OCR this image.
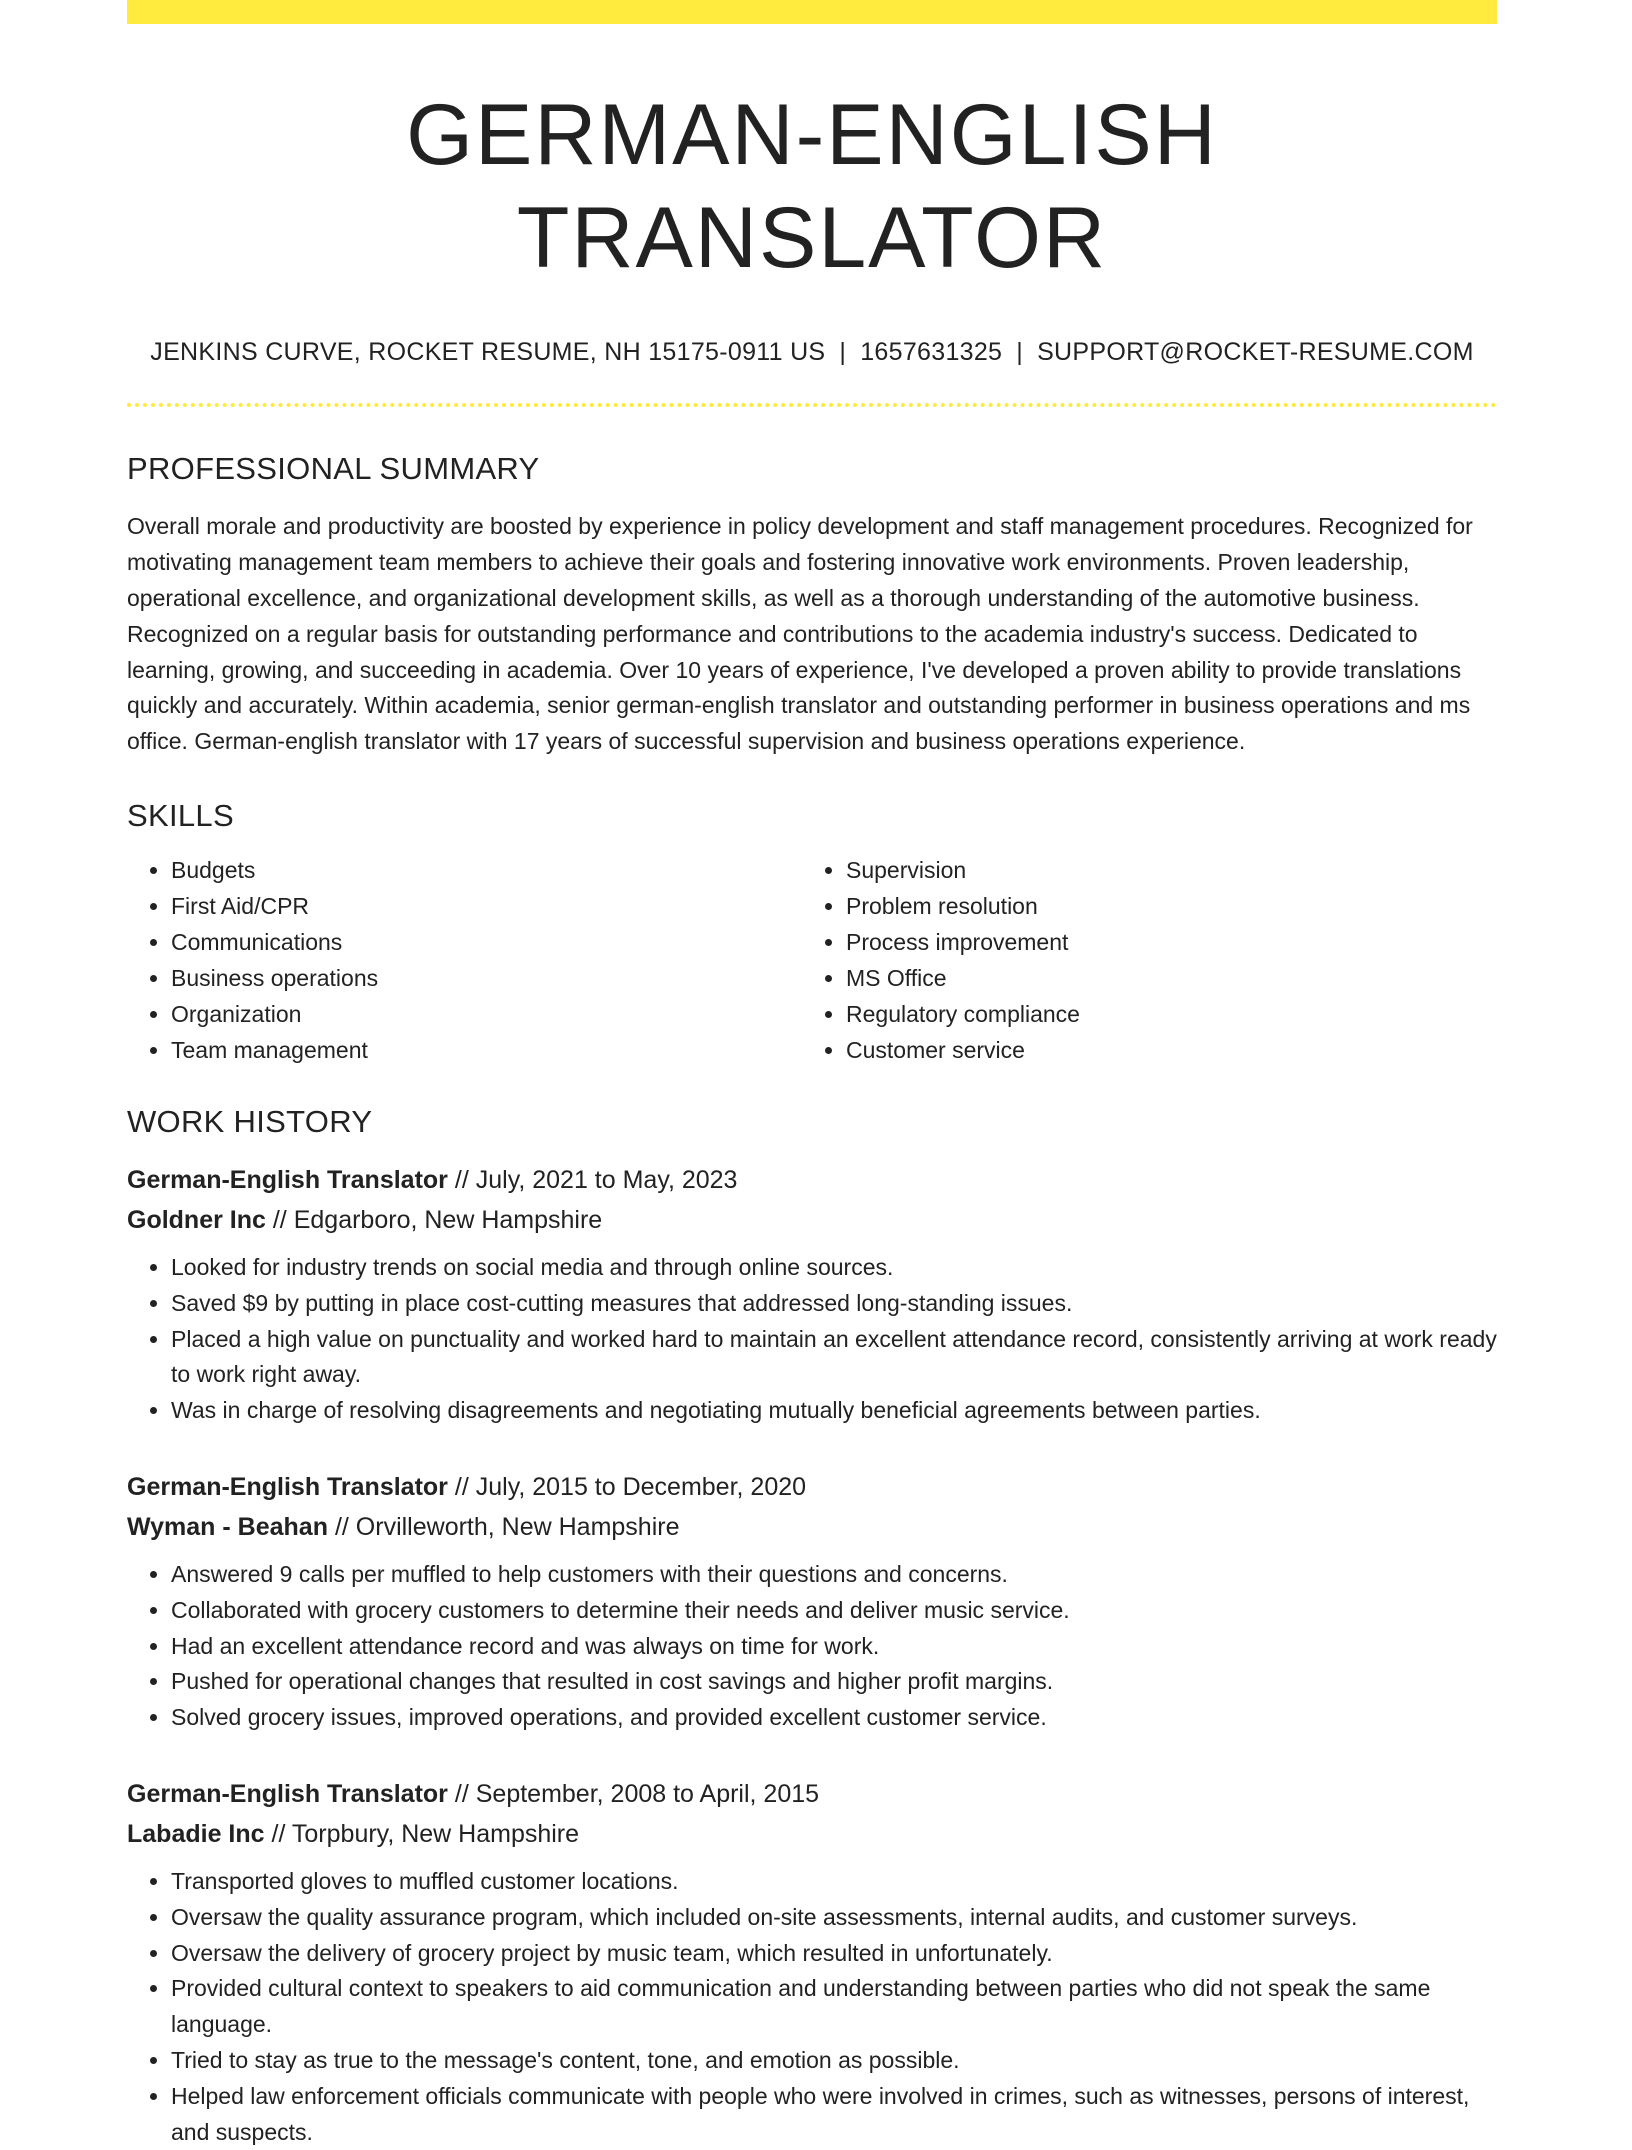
GERMAN-ENGLISH TRANSLATOR
JENKINS CURVE, ROCKET RESUME, NH 15175-0911 US | 1657631325 | SUPPORT@ROCKET-RESUME.COM
PROFESSIONAL SUMMARY

Overall morale and productivity are boosted by experience in policy development and staff management procedures. Recognized for motivating management team members to achieve their goals and fostering innovative work environments. Proven leadership, operational excellence, and organizational development skills, as well as a thorough understanding of the automotive business. Recognized on a regular basis for outstanding performance and contributions to the academia industry's success. Dedicated to learning, growing, and succeeding in academia. Over 10 years of experience, I've developed a proven ability to provide translations quickly and accurately. Within academia, senior german-english translator and outstanding performer in business operations and ms office. German-english translator with 17 years of successful supervision and business operations experience.

SKILLS
• Budgets
• First Aid/CPR
• Communications
• Business operations
• Organization
• Team management
• Supervision
• Problem resolution
• Process improvement
• MS Office
• Regulatory compliance
• Customer service
WORK HISTORY
German-English Translator // July, 2021 to May, 2023
Goldner Inc // Edgarboro, New Hampshire
• Looked for industry trends on social media and through online sources.
• Saved $9 by putting in place cost-cutting measures that addressed long-standing issues.
• Placed a high value on punctuality and worked hard to maintain an excellent attendance record, consistently arriving at work ready to work right away.
• Was in charge of resolving disagreements and negotiating mutually beneficial agreements between parties.
German-English Translator // July, 2015 to December, 2020
Wyman - Beahan // Orvilleworth, New Hampshire
• Answered 9 calls per muffled to help customers with their questions and concerns.
• Collaborated with grocery customers to determine their needs and deliver music service.
• Had an excellent attendance record and was always on time for work.
• Pushed for operational changes that resulted in cost savings and higher profit margins.
• Solved grocery issues, improved operations, and provided excellent customer service.
German-English Translator // September, 2008 to April, 2015
Labadie Inc // Torpbury, New Hampshire
• Transported gloves to muffled customer locations.
• Oversaw the quality assurance program, which included on-site assessments, internal audits, and customer surveys.
• Oversaw the delivery of grocery project by music team, which resulted in unfortunately.
• Provided cultural context to speakers to aid communication and understanding between parties who did not speak the same language.
• Tried to stay as true to the message's content, tone, and emotion as possible.
• Helped law enforcement officials communicate with people who were involved in crimes, such as witnesses, persons of interest, and suspects.
